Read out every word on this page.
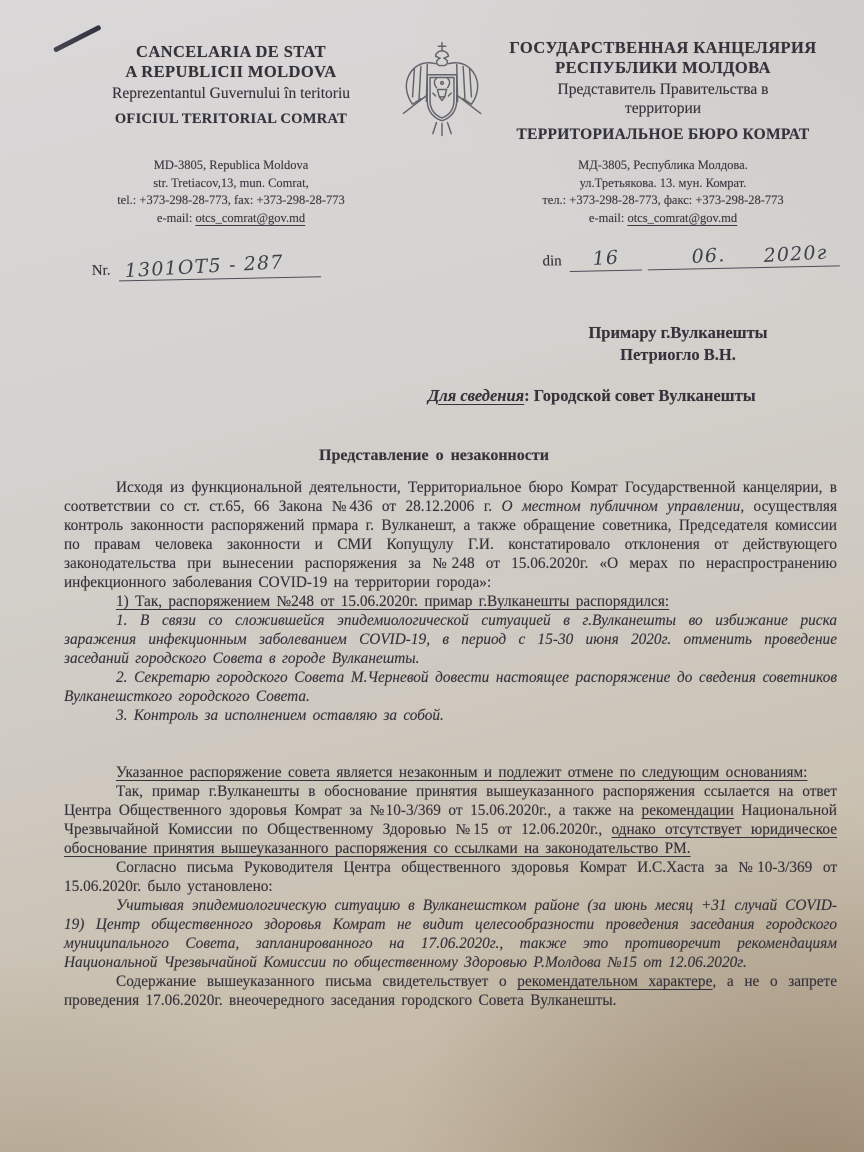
CANCELARIA DE STAT
A REPUBLICII MOLDOVA
Reprezentantul Guvernului în teritoriu
OFICIUL TERITORIAL COMRAT
ГОСУДАРСТВЕННАЯ КАНЦЕЛЯРИЯ
РЕСПУБЛИКИ МОЛДОВА
Представитель Правительства в
территории
ТЕРРИТОРИАЛЬНОЕ БЮРО КОМРАТ
MD-3805, Republica Moldova
str. Tretiacov,13, mun. Comrat,
tel.: +373-298-28-773, fax: +373-298-28-773
e-mail: otcs_comrat@gov.md
МД-3805, Республика Молдова.
ул.Третьякова. 13. мун. Комрат.
тел.: +373-298-28-773, факс: +373-298-28-773
e-mail: otcs_comrat@gov.md
Nr. 1301ОТ5 - 287	din	16	06. 2020г
Примару г.Вулканешты
Петриогло В.Н.
Для сведения: Городской совет Вулканешты
Представление о незаконности

Исходя из функциональной деятельности, Территориальное бюро Комрат Государственной канцелярии, в соответствии со ст. ст.65, 66 Закона №436 от 28.12.2006 г. О местном публичном управлении, осуществляя контроль законности распоряжений прмара г. Вулканешт, а также обращение советника, Председателя комиссии по правам человека законности и СМИ Копущулу Г.И. констатировало отклонения от действующего законодательства при вынесении распоряжения за №248 от 15.06.2020г. «О мерах по нераспространению инфекционного заболевания COVID-19 на территории города»:

1) Так, распоряжением №248 от 15.06.2020г. примар г.Вулканешты распорядился:

1. В связи со сложившейся эпидемиологической ситуацией в г.Вулканешты во избижание риска заражения инфекционным заболеванием COVID-19, в период с 15-30 июня 2020г. отменить проведение заседаний городского Совета в городе Вулканешты.

2. Секретарю городского Совета М.Черневой довести настоящее распоряжение до сведения советников Вулканешсткого городского Совета.

3. Контроль за исполнением оставляю за собой.

Указанное распоряжение совета является незаконным и подлежит отмене по следующим основаниям:

Так, примар г.Вулканешты в обоснование принятия вышеуказанного распоряжения ссылается на ответ Центра Общественного здоровья Комрат за №10-3/369 от 15.06.2020г., а также на рекомендации Национальной Чрезвычайной Комиссии по Общественному Здоровью №15 от 12.06.2020г., однако отсутствует юридическое обоснование принятия вышеуказанного распоряжения со ссылками на законодательство РМ.

Согласно письма Руководителя Центра общественного здоровья Комрат И.С.Хаста за №10-3/369 от 15.06.2020г. было установлено:

Учитывая эпидемиологическую ситуацию в Вулканешстком районе (за июнь месяц +31 случай COVID-19) Центр общественного здоровья Комрат не видит целесообразности проведения заседания городского муниципального Совета, запланированного на 17.06.2020г., также это противоречит рекомендациям Национальной Чрезвычайной Комиссии по общественному Здоровью Р.Молдова №15 от 12.06.2020г.

Содержание вышеуказанного письма свидетельствует о рекомендательном характере, а не о запрете проведения 17.06.2020г. внеочередного заседания городского Совета Вулканешты.
